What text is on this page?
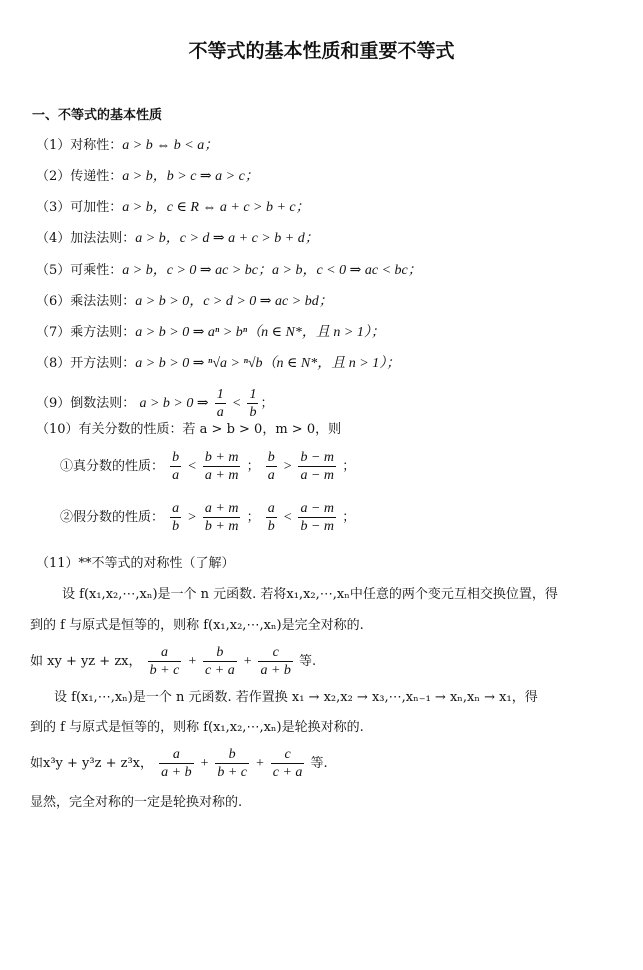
不等式的基本性质和重要不等式
一、不等式的基本性质
（1）对称性：a > b ⇔ b < a；
（2）传递性：a > b，b > c ⇒ a > c；
（3）可加性：a > b，c ∈ R ⇔ a + c > b + c；
（4）加法法则：a > b，c > d ⇒ a + c > b + d；
（5）可乘性：a > b，c > 0 ⇒ ac > bc；a > b，c < 0 ⇒ ac < bc；
（6）乘法法则：a > b > 0，c > d > 0 ⇒ ac > bd；
（7）乘方法则：a > b > 0 ⇒ aⁿ > bⁿ（n ∈ N*，且 n > 1）；
（8）开方法则：a > b > 0 ⇒ ⁿ√a > ⁿ√b（n ∈ N*，且 n > 1）；
（9）倒数法则： a > b > 0 ⇒ $\frac{1}{a} < \frac{1}{b}$ ；
（10）有关分数的性质：若 a > b > 0，m > 0，则
①真分数的性质： $\frac{b}{a} < \frac{b + m}{a + m}$ ； $\frac{b}{a} > \frac{b - m}{a - m}$ ；
②假分数的性质： $\frac{a}{b} > \frac{a + m}{b + m}$ ； $\frac{a}{b} < \frac{a - m}{b - m}$ ；
（11）**不等式的对称性（了解）
设 f(x₁,x₂,⋯,xₙ)是一个 n 元函数. 若将x₁,x₂,⋯,xₙ中任意的两个变元互相交换位置，得
到的 f 与原式是恒等的，则称 f(x₁,x₂,⋯,xₙ)是完全对称的.
如 xy + yz + zx， $\frac{a}{b + c} + \frac{b}{c + a} + \frac{c}{a + b}$ 等.
设 f(x₁,⋯,xₙ)是一个 n 元函数. 若作置换 x₁ → x₂,x₂ → x₃,⋯,xₙ₋₁ → xₙ,xₙ → x₁，得
到的 f 与原式是恒等的，则称 f(x₁,x₂,⋯,xₙ)是轮换对称的.
如x³y + y³z + z³x， $\frac{a}{a + b} + \frac{b}{b + c} + \frac{c}{c + a}$ 等.
显然，完全对称的一定是轮换对称的.
